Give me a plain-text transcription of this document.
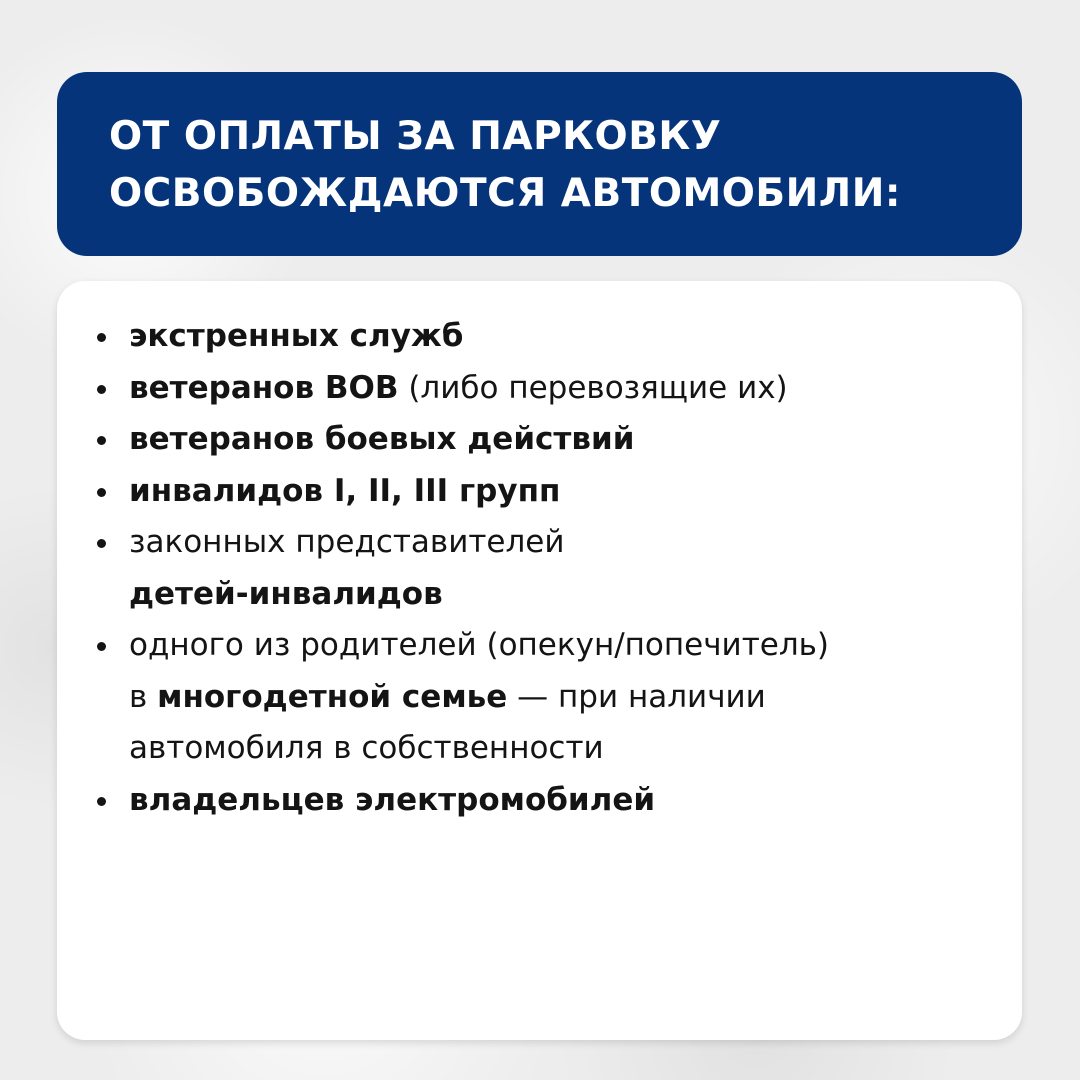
ОТ ОПЛАТЫ ЗА ПАРКОВКУ
ОСВОБОЖДАЮТСЯ АВТОМОБИЛИ:
экстренных служб
ветеранов ВОВ (либо перевозящие их)
ветеранов боевых действий
инвалидов I, II, III групп
законных представителей
детей-инвалидов
одного из родителей (опекун/попечитель)
в многодетной семье — при наличии
автомобиля в собственности
владельцев электромобилей
